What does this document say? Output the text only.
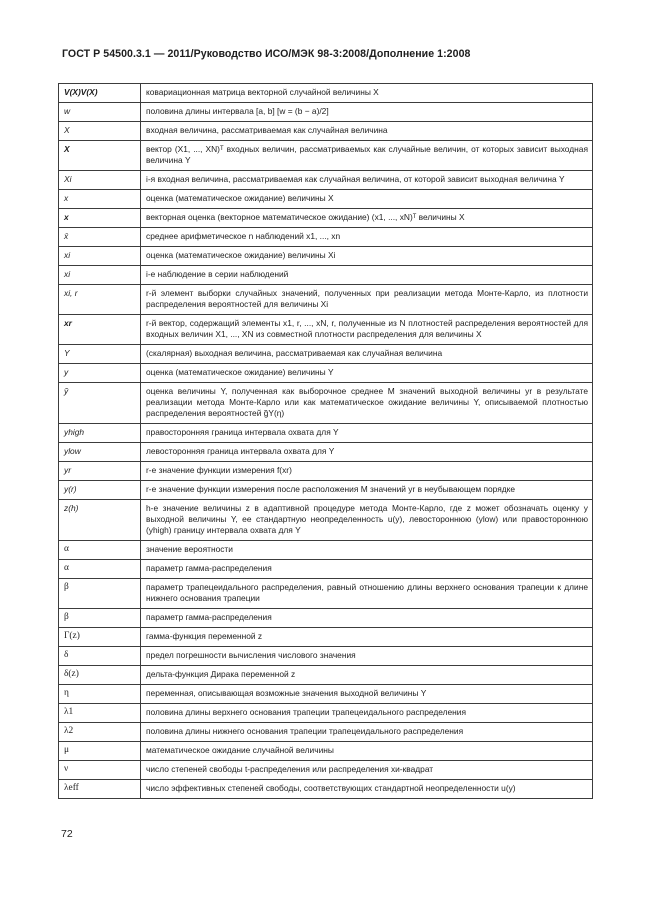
ГОСТ Р 54500.3.1 — 2011/Руководство ИСО/МЭК 98-3:2008/Дополнение 1:2008
V(X)V(X)	ковариационная матрица векторной случайной величины X
w	половина длины интервала [a, b] [w = (b − a)/2]
X	входная величина, рассматриваемая как случайная величина
X	вектор (X1, ..., XN)ᵀ входных величин, рассматриваемых как случайные величин, от которых зависит выходная величина Y
Xi	i-я входная величина, рассматриваемая как случайная величина, от которой зависит выходная величина Y
x	оценка (математическое ожидание) величины X
x	векторная оценка (векторное математическое ожидание) (x1, ..., xN)ᵀ величины X
x̄	среднее арифметическое n наблюдений x1, ..., xn
xi	оценка (математическое ожидание) величины Xi
xi	i-e наблюдение в серии наблюдений
xi, r	r-й элемент выборки случайных значений, полученных при реализации метода Монте-Карло, из плотности распределения вероятностей для величины Xi
xr	r-й вектор, содержащий элементы x1, r, ..., xN, r, полученные из N плотностей распределения вероятностей для входных величин X1, ..., XN из совместной плотности распределения для величины X
Y	(скалярная) выходная величина, рассматриваемая как случайная величина
y	оценка (математическое ожидание) величины Y
ỹ	оценка величины Y, полученная как выборочное среднее M значений выходной величины yr в результате реализации метода Монте-Карло или как математическое ожидание величины Y, описываемой плотностью распределения вероятностей g̃Y(η)
yhigh	правосторонняя граница интервала охвата для Y
ylow	левосторонняя граница интервала охвата для Y
yr	r-e значение функции измерения f(xr)
y(r)	r-e значение функции измерения после расположения M значений yr в неубывающем порядке
z(h)	h-e значение величины z в адаптивной процедуре метода Монте-Карло, где z может обозначать оценку y выходной величины Y, ее стандартную неопределенность u(y), левостороннюю (ylow) или правостороннюю (yhigh) границу интервала охвата для Y
α	значение вероятности
α	параметр гамма-распределения
β	параметр трапецеидального распределения, равный отношению длины верхнего основания трапеции к длине нижнего основания трапеции
β	параметр гамма-распределения
Γ(z)	гамма-функция переменной z
δ	предел погрешности вычисления числового значения
δ(z)	дельта-функция Дирака переменной z
η	переменная, описывающая возможные значения выходной величины Y
λ1	половина длины верхнего основания трапеции трапецеидального распределения
λ2	половина длины нижнего основания трапеции трапецеидального распределения
μ	математическое ожидание случайной величины
ν	число степеней свободы t-распределения или распределения хи-квадрат
λeff	число эффективных степеней свободы, соответствующих стандартной неопределенности u(y)
72
